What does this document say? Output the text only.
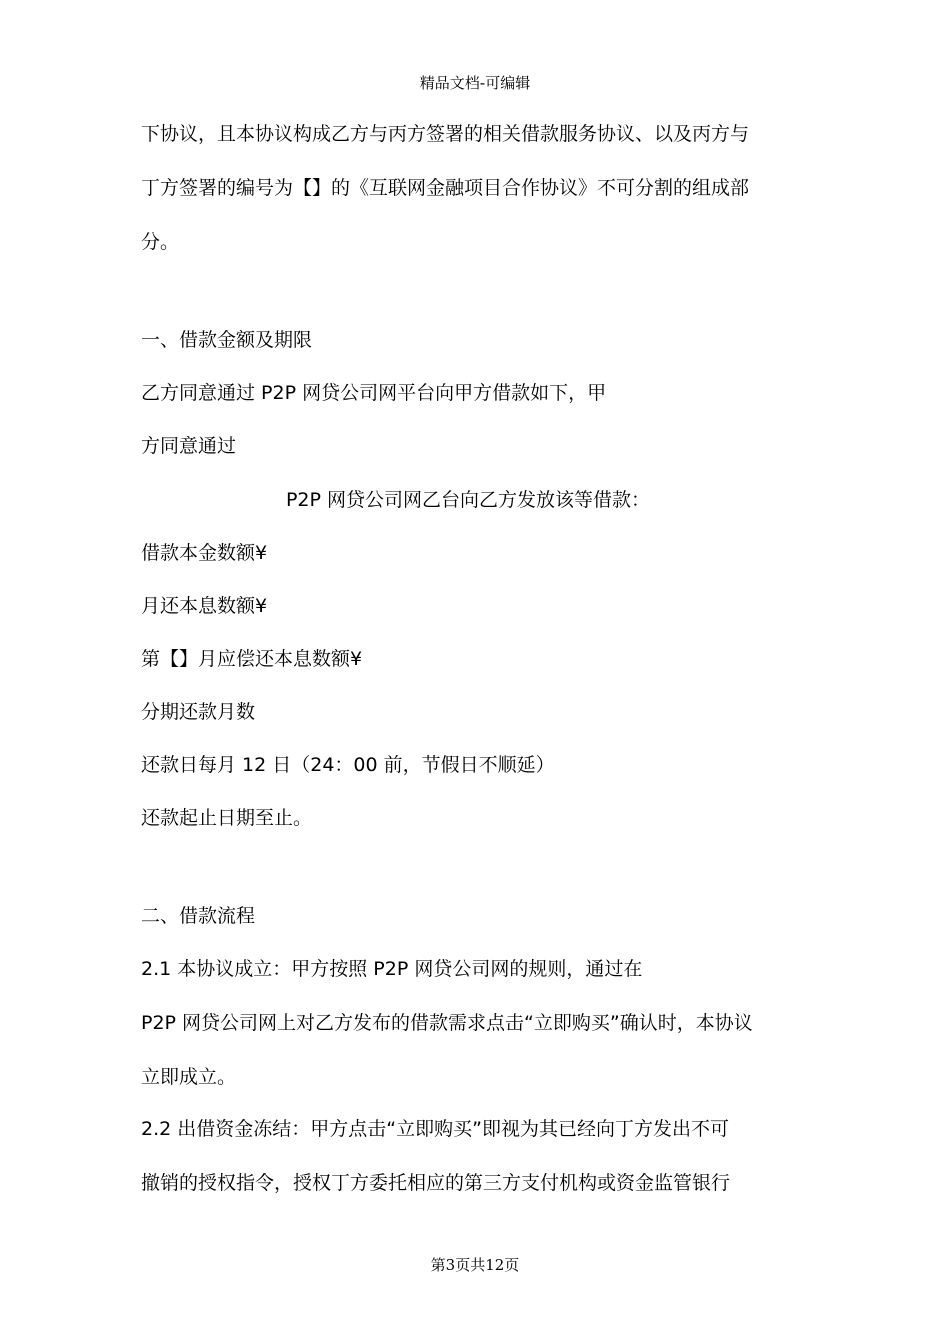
精品文档-可编辑
下协议，且本协议构成乙方与丙方签署的相关借款服务协议、以及丙方与
丁方签署的编号为【】的《互联网金融项目合作协议》不可分割的组成部
分。
一、借款金额及期限
乙方同意通过 P2P 网贷公司网平台向甲方借款如下，甲
方同意通过
P2P 网贷公司网乙台向乙方发放该等借款：
借款本金数额¥
月还本息数额¥
第【】月应偿还本息数额¥
分期还款月数
还款日每月 12 日（24：00 前，节假日不顺延）
还款起止日期至止。
二、借款流程
2.1 本协议成立：甲方按照 P2P 网贷公司网的规则，通过在
P2P 网贷公司网上对乙方发布的借款需求点击“立即购买”确认时，本协议
立即成立。
2.2 出借资金冻结：甲方点击“立即购买”即视为其已经向丁方发出不可
撤销的授权指令，授权丁方委托相应的第三方支付机构或资金监管银行
第3页共12页
